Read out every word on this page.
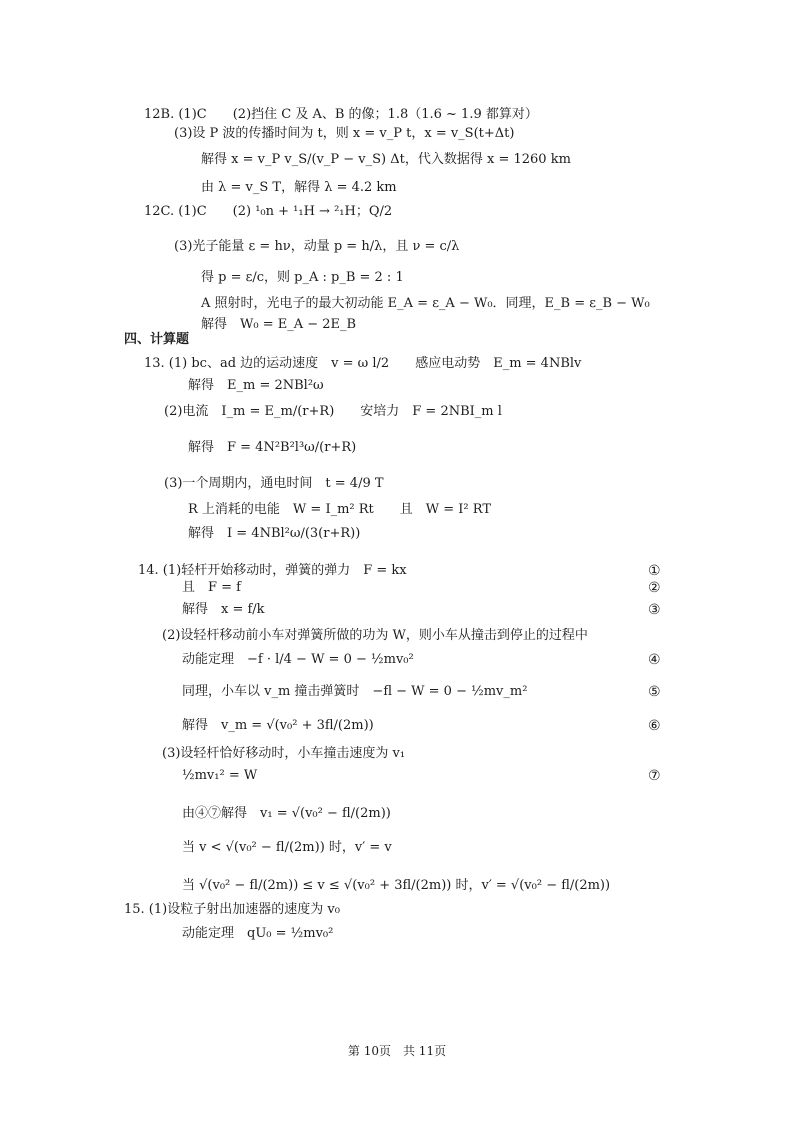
12B. (1)C　　(2)挡住 C 及 A、B 的像；1.8（1.6 ~ 1.9 都算对）
(3)设 P 波的传播时间为 t，则 x = v_P t，x = v_S(t+Δt)
解得 x = v_P v_S/(v_P − v_S) Δt，代入数据得 x = 1260 km
由 λ = v_S T，解得 λ = 4.2 km
12C. (1)C　　(2) ¹₀n + ¹₁H → ²₁H；Q/2
(3)光子能量 ε = hν，动量 p = h/λ，且 ν = c/λ
得 p = ε/c，则 p_A : p_B = 2 : 1
A 照射时，光电子的最大初动能 E_A = ε_A − W₀．同理，E_B = ε_B − W₀
解得　W₀ = E_A − 2E_B
四、计算题
13. (1) bc、ad 边的运动速度　v = ω l/2　　感应电动势　E_m = 4NBlv
解得　E_m = 2NBl²ω
(2)电流　I_m = E_m/(r+R)　　安培力　F = 2NBI_m l
解得　F = 4N²B²l³ω/(r+R)
(3)一个周期内，通电时间　t = 4/9 T
R 上消耗的电能　W = I_m² Rt　　且　W = I² RT
解得　I = 4NBl²ω/(3(r+R))
14. (1)轻杆开始移动时，弹簧的弹力　F = kx	①
且　F = f	②
解得　x = f/k	③
(2)设轻杆移动前小车对弹簧所做的功为 W，则小车从撞击到停止的过程中
动能定理　−f · l/4 − W = 0 − ½mv₀²	④
同理，小车以 v_m 撞击弹簧时　−fl − W = 0 − ½mv_m²	⑤
解得　v_m = √(v₀² + 3fl/(2m))	⑥
(3)设轻杆恰好移动时，小车撞击速度为 v₁
½mv₁² = W	⑦
由④⑦解得　v₁ = √(v₀² − fl/(2m))
当 v < √(v₀² − fl/(2m)) 时，v′ = v
当 √(v₀² − fl/(2m)) ≤ v ≤ √(v₀² + 3fl/(2m)) 时，v′ = √(v₀² − fl/(2m))
15. (1)设粒子射出加速器的速度为 v₀
动能定理　qU₀ = ½mv₀²
第 10页　共 11页
